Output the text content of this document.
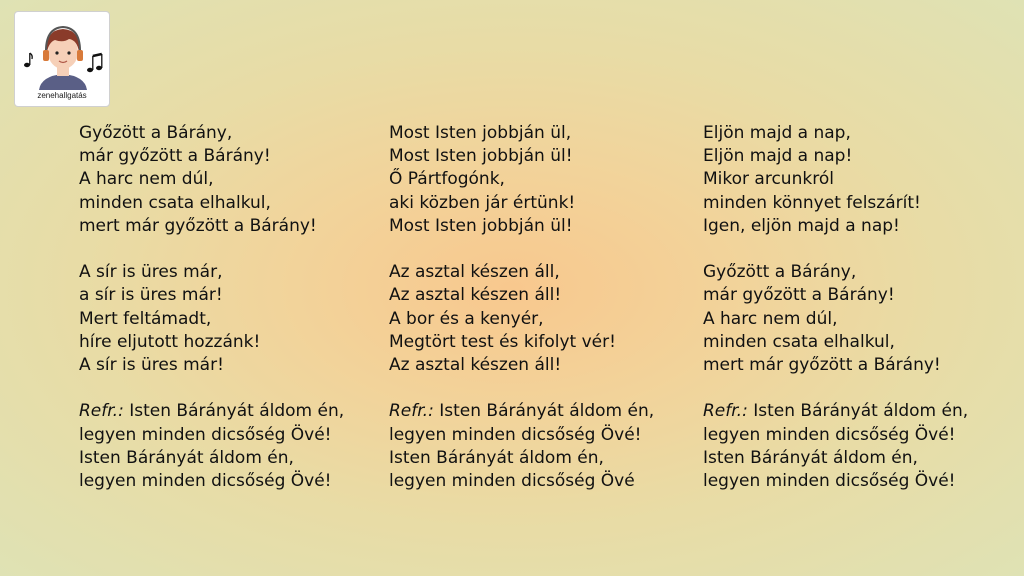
zenehallgatás
Győzött a Bárány,
már győzött a Bárány!
A harc nem dúl,
minden csata elhalkul,
mert már győzött a Bárány!
A sír is üres már,
a sír is üres már!
Mert feltámadt,
híre eljutott hozzánk!
A sír is üres már!
Refr.: Isten Bárányát áldom én,
legyen minden dicsőség Övé!
Isten Bárányát áldom én,
legyen minden dicsőség Övé!
Most Isten jobbján ül,
Most Isten jobbján ül!
Ő Pártfogónk,
aki közben jár értünk!
Most Isten jobbján ül!
Az asztal készen áll,
Az asztal készen áll!
A bor és a kenyér,
Megtört test és kifolyt vér!
Az asztal készen áll!
Refr.: Isten Bárányát áldom én,
legyen minden dicsőség Övé!
Isten Bárányát áldom én,
legyen minden dicsőség Övé
Eljön majd a nap,
Eljön majd a nap!
Mikor arcunkról
minden könnyet felszárít!
Igen, eljön majd a nap!
Győzött a Bárány,
már győzött a Bárány!
A harc nem dúl,
minden csata elhalkul,
mert már győzött a Bárány!
Refr.: Isten Bárányát áldom én,
legyen minden dicsőség Övé!
Isten Bárányát áldom én,
legyen minden dicsőség Övé!
